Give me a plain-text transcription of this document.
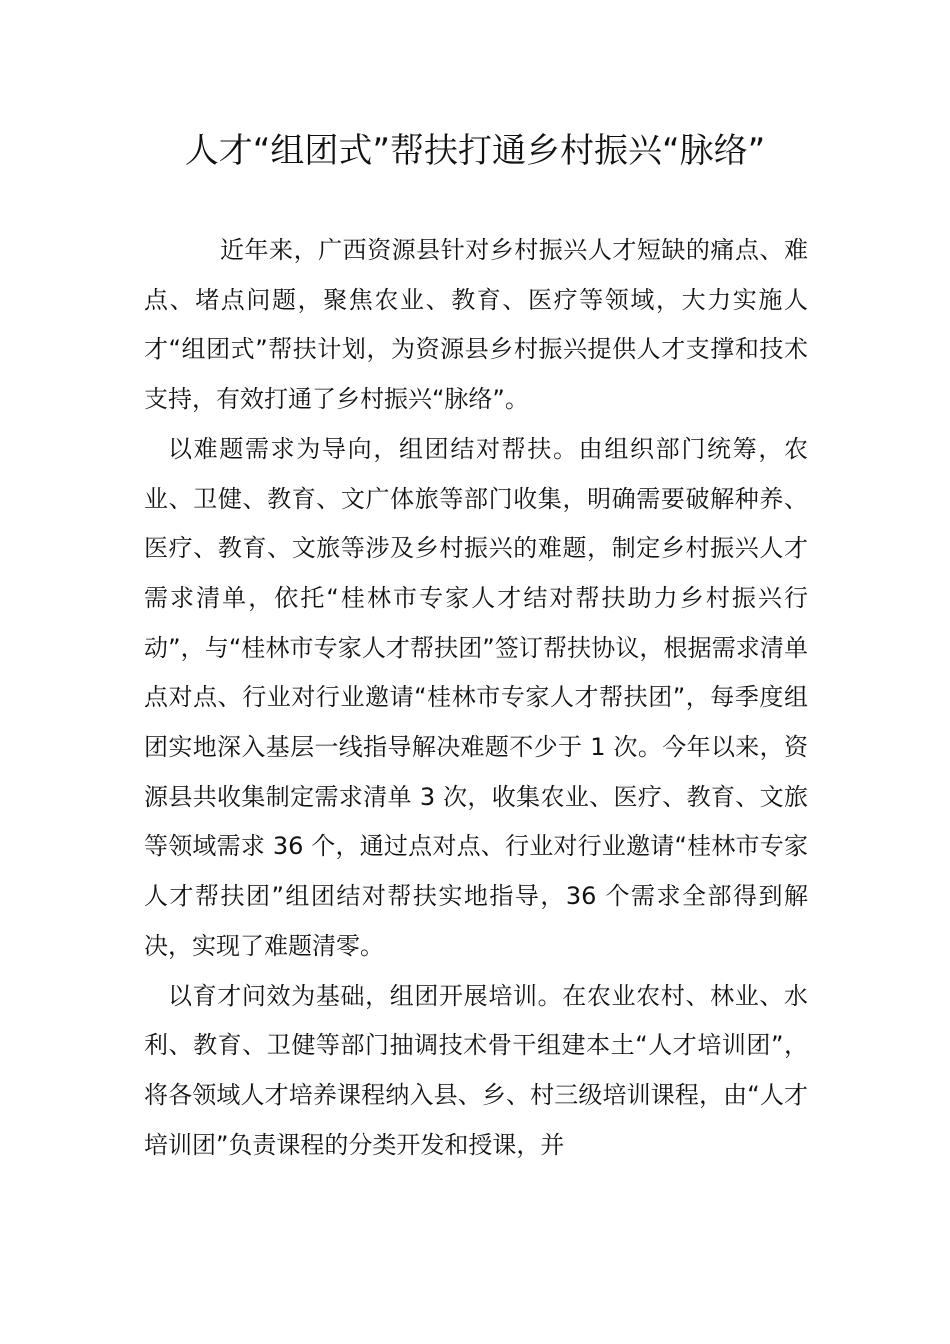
人才“组团式”帮扶打通乡村振兴“脉络”

近年来，广西资源县针对乡村振兴人才短缺的痛点、难点、堵点问题，聚焦农业、教育、医疗等领域，大力实施人才“组团式”帮扶计划，为资源县乡村振兴提供人才支撑和技术支持，有效打通了乡村振兴“脉络”。

以难题需求为导向，组团结对帮扶。由组织部门统筹，农业、卫健、教育、文广体旅等部门收集，明确需要破解种养、医疗、教育、文旅等涉及乡村振兴的难题，制定乡村振兴人才需求清单，依托“桂林市专家人才结对帮扶助力乡村振兴行动”，与“桂林市专家人才帮扶团”签订帮扶协议，根据需求清单点对点、行业对行业邀请“桂林市专家人才帮扶团”，每季度组团实地深入基层一线指导解决难题不少于 1 次。今年以来，资源县共收集制定需求清单 3 次，收集农业、医疗、教育、文旅等领域需求 36 个，通过点对点、行业对行业邀请“桂林市专家人才帮扶团”组团结对帮扶实地指导，36 个需求全部得到解决，实现了难题清零。

以育才问效为基础，组团开展培训。在农业农村、林业、水利、教育、卫健等部门抽调技术骨干组建本土“人才培训团”，将各领域人才培养课程纳入县、乡、村三级培训课程，由“人才培训团”负责课程的分类开发和授课，并
